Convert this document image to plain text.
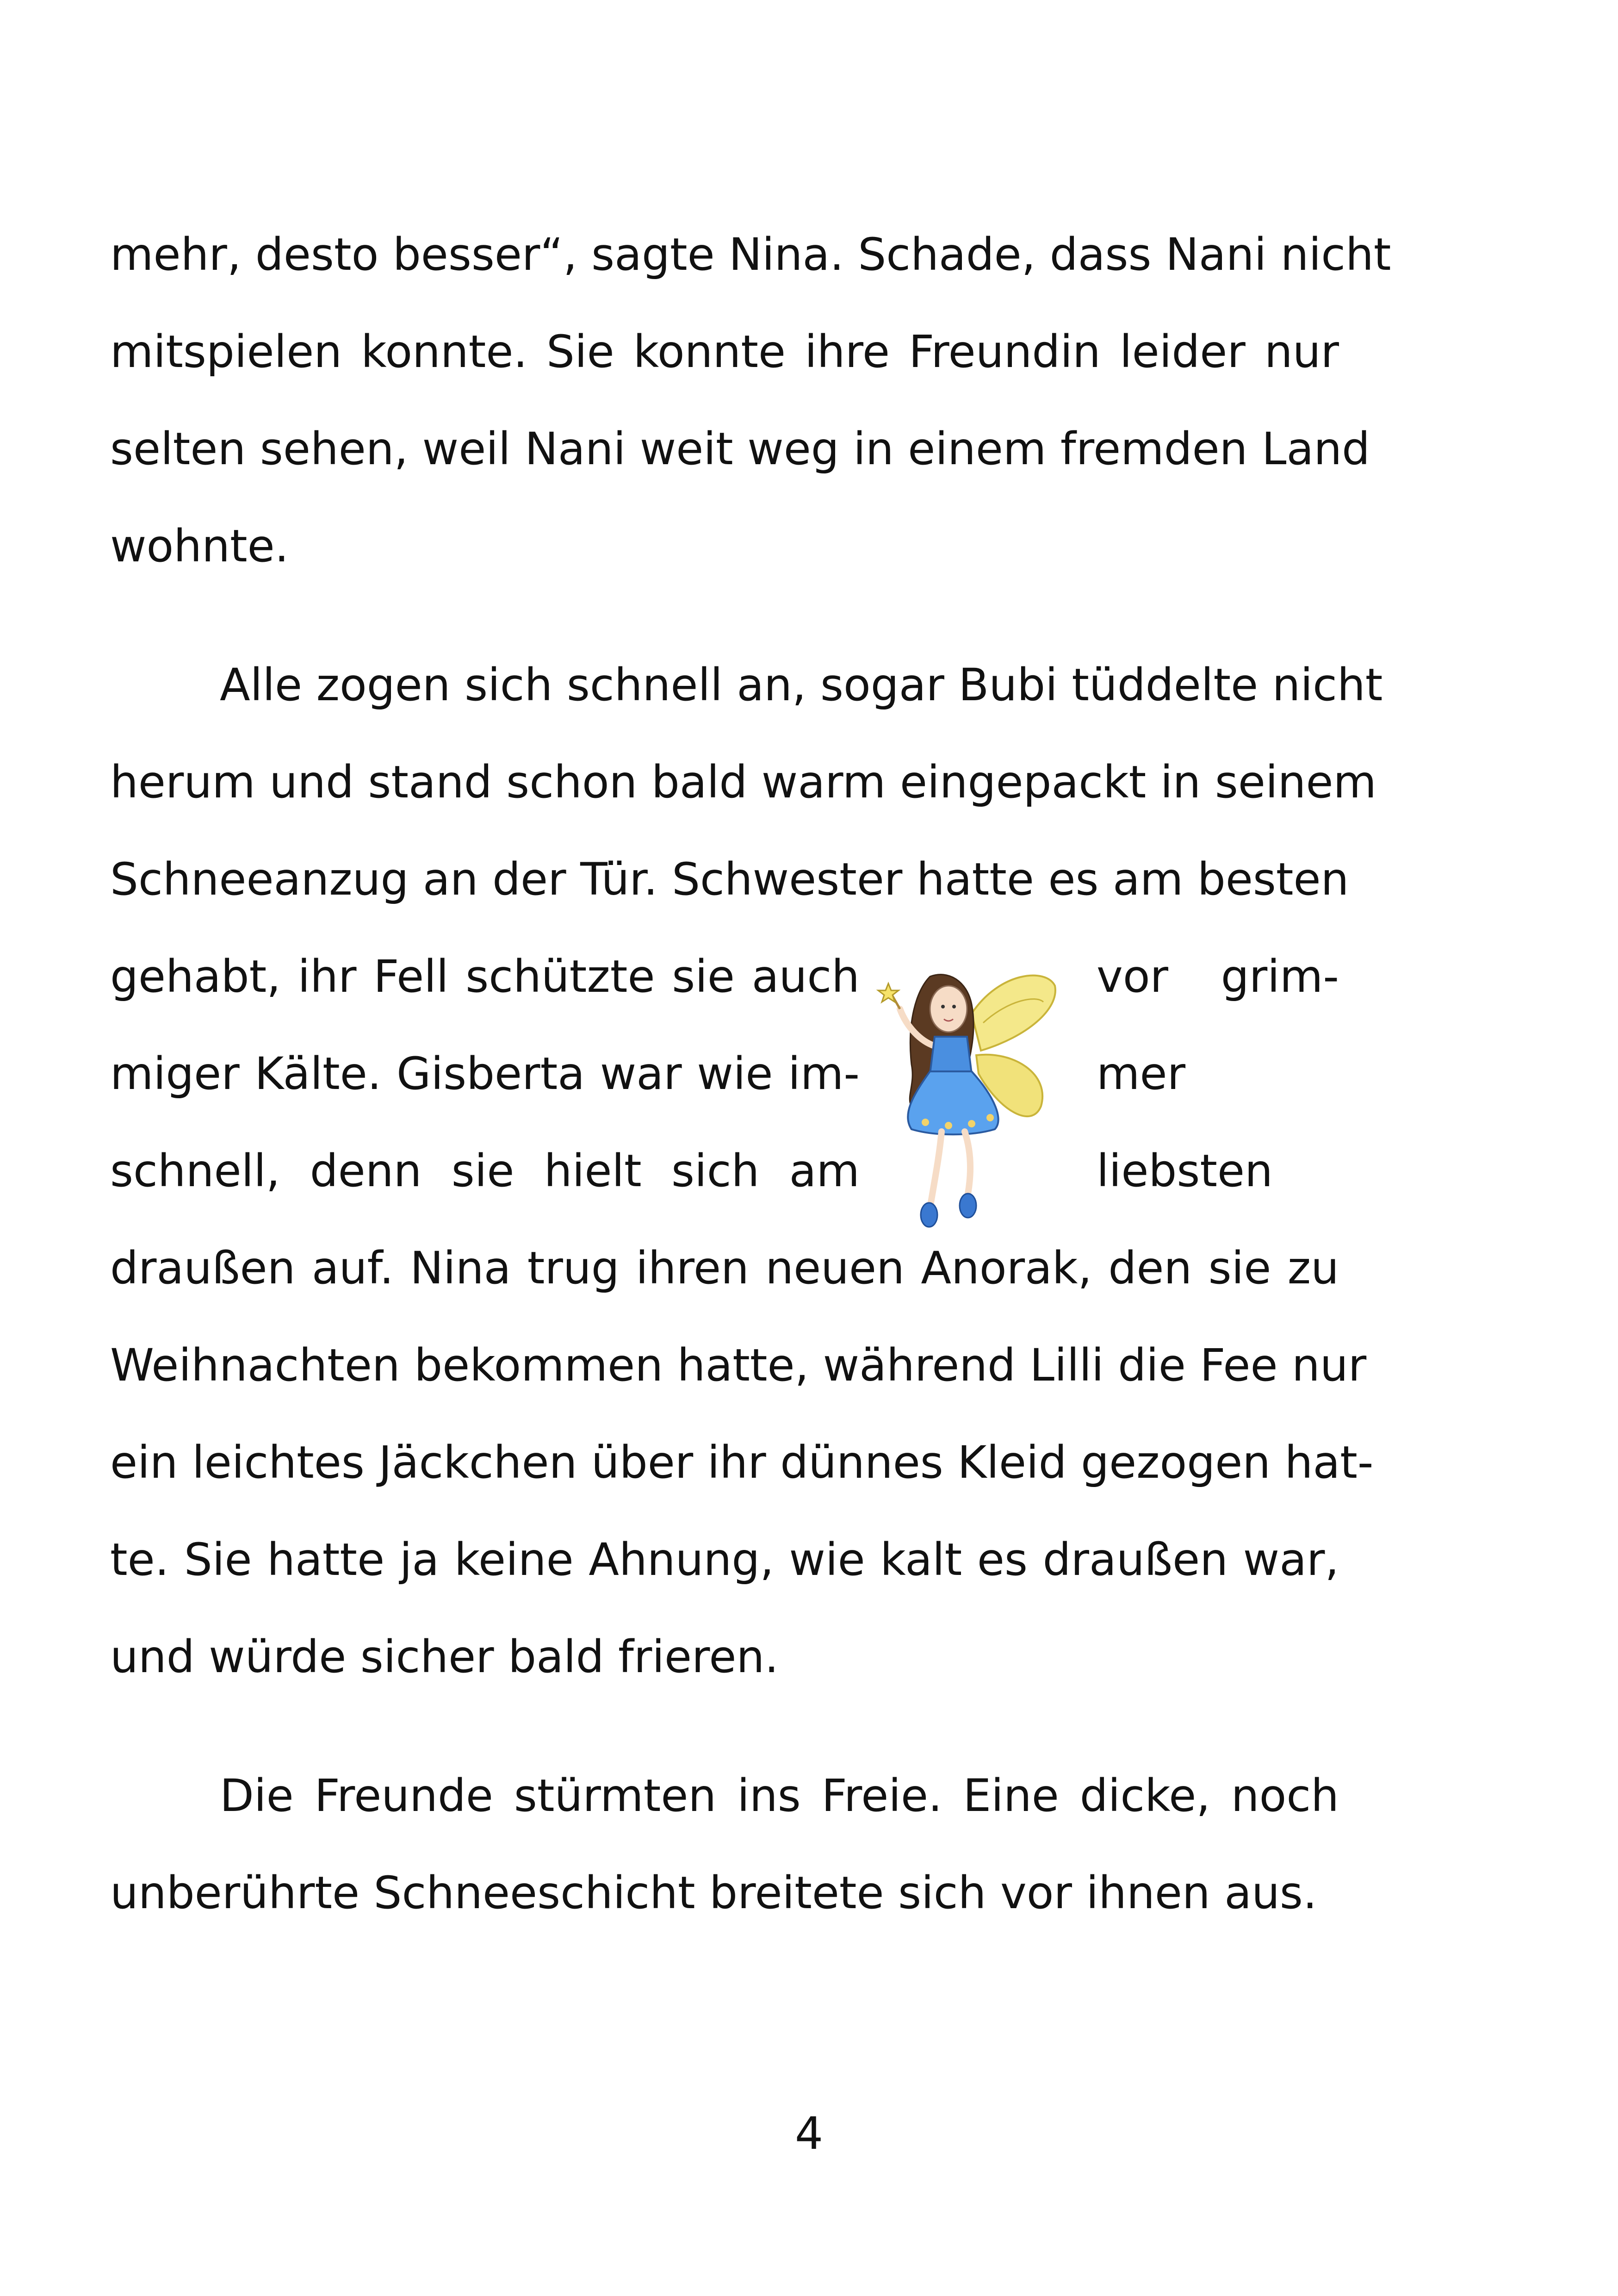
mehr, desto besser“, sagte Nina. Schade, dass Nani nicht
mitspielen konnte. Sie konnte ihre Freundin leider nur
selten sehen, weil Nani weit weg in einem fremden Land
wohnte.
Alle zogen sich schnell an, sogar Bubi tüddelte nicht
herum und stand schon bald warm eingepackt in seinem
Schneeanzug an der Tür. Schwester hatte es am besten
gehabt, ihr Fell schützte sie auch	vor grim-
miger Kälte. Gisberta war wie im-	mer
schnell, denn sie hielt sich am	liebsten
draußen auf. Nina trug ihren neuen Anorak, den sie zu
Weihnachten bekommen hatte, während Lilli die Fee nur
ein leichtes Jäckchen über ihr dünnes Kleid gezogen hat-
te. Sie hatte ja keine Ahnung, wie kalt es draußen war,
und würde sicher bald frieren.
Die Freunde stürmten ins Freie. Eine dicke, noch
unberührte Schneeschicht breitete sich vor ihnen aus.
4
